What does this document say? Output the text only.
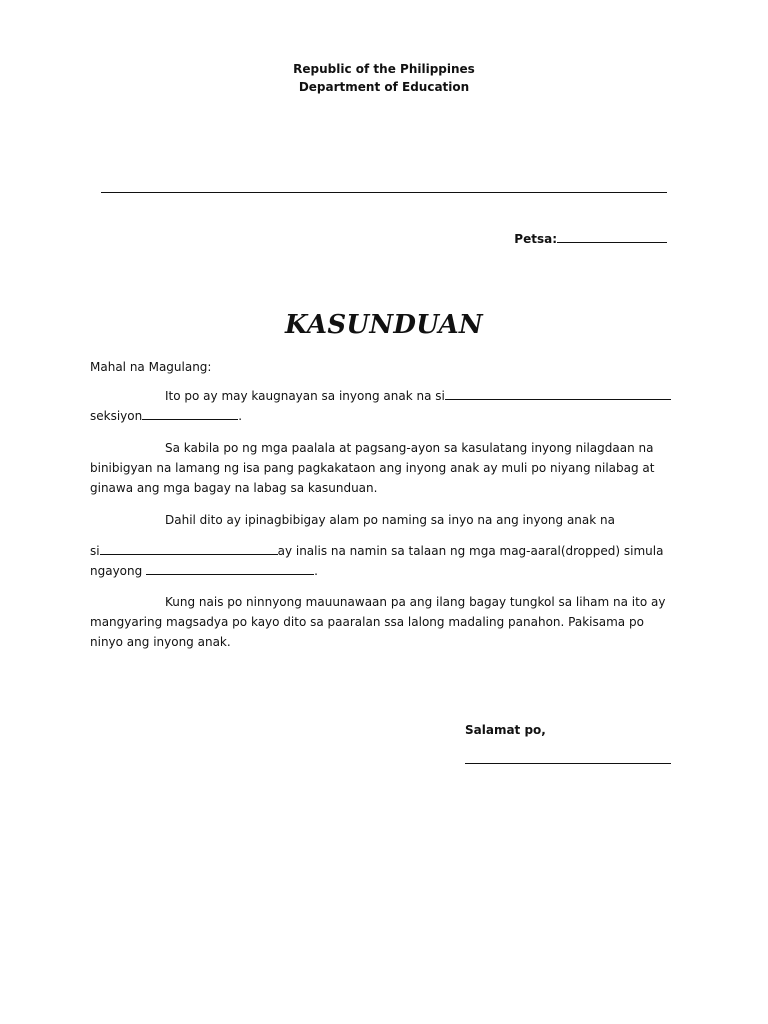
Republic of the Philippines
Department of Education
Petsa:
KASUNDUAN
Mahal na Magulang:
Ito po ay may kaugnayan sa inyong anak na si
seksiyon	.
Sa kabila po ng mga paalala at pagsang-ayon sa kasulatang inyong nilagdaan na binibigyan na lamang ng isa pang pagkakataon ang inyong anak ay muli po niyang nilabag at ginawa ang mga bagay na labag sa kasunduan.
Dahil dito ay ipinagbibigay alam po naming sa inyo na ang inyong anak na
si	ay inalis na namin sa talaan ng mga mag-aaral(dropped) simula
ngayong	.
Kung nais po ninnyong mauunawaan pa ang ilang bagay tungkol sa liham na ito ay mangyaring magsadya po kayo dito sa paaralan ssa lalong madaling panahon. Pakisama po ninyo ang inyong anak.
Salamat po,
